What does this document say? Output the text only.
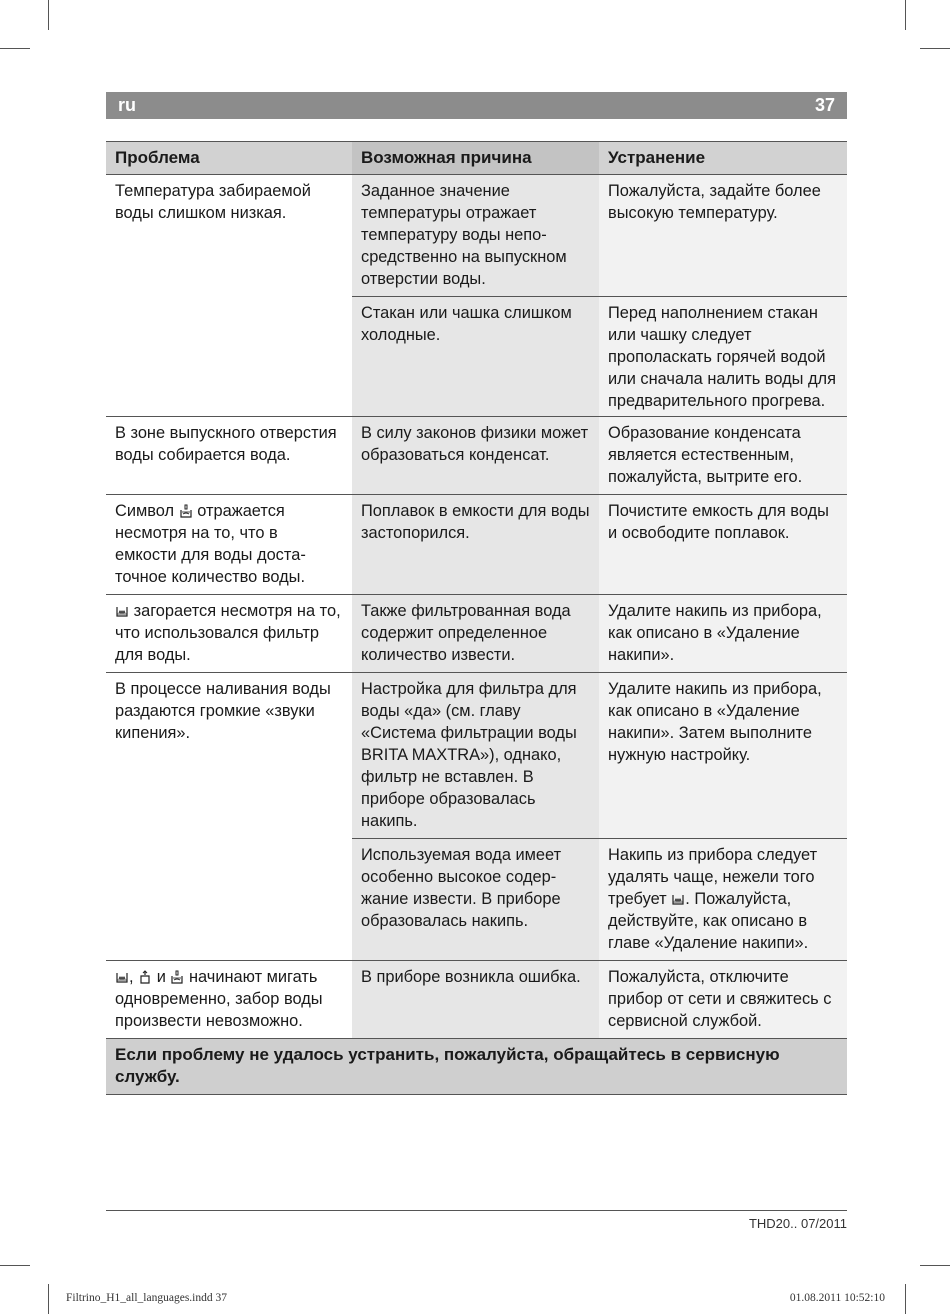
ru	37
Проблема	Возможная причина	Устранение
Температура забираемой воды слишком низкая.	Заданное значение температуры отражает температуру воды непосредственно на выпускном отверстии воды.	Пожалуйста, задайте более высокую температуру.
	Стакан или чашка слишком холодные.	Перед наполнением стакан или чашку следует прополаскать горячей водой или сначала налить воды для предварительного прогрева.
В зоне выпускного отверстия воды собирается вода.	В силу законов физики может образоваться конденсат.	Образование конденсата является естественным, пожалуйста, вытрите его.
Символ отражается несмотря на то, что в емкости для воды достаточное количество воды.	Поплавок в емкости для воды застопорился.	Почистите емкость для воды и освободите поплавок.

загорается несмотря на то, что использовался фильтр для воды.	Также фильтрованная вода содержит определенное количество извести.	Удалите накипь из прибора, как описано в «Удаление накипи».
В процессе наливания воды раздаются громкие «звуки кипения».	Настройка для фильтра для воды «да» (см. главу «Система фильтрации воды BRITA MAXTRA»), однако, фильтр не вставлен. В приборе образовалась накипь.	Удалите накипь из прибора, как описано в «Удаление накипи». Затем выполните нужную настройку.
	Используемая вода имеет особенно высокое содержание извести. В приборе образовалась накипь.	Накипь из прибора следует удалять чаще, нежели того требует . Пожалуйста, действуйте, как описано в главе «Удаление накипи».

, и начинают мигать одновременно, забор воды произвести невозможно.	В приборе возникла ошибка.	Пожалуйста, отключите прибор от сети и свяжитесь с сервисной службой.
Если проблему не удалось устранить, пожалуйста, обращайтесь в сервисную службу.		
THD20.. 07/2011
Filtrino_H1_all_languages.indd 37	01.08.2011 10:52:10
